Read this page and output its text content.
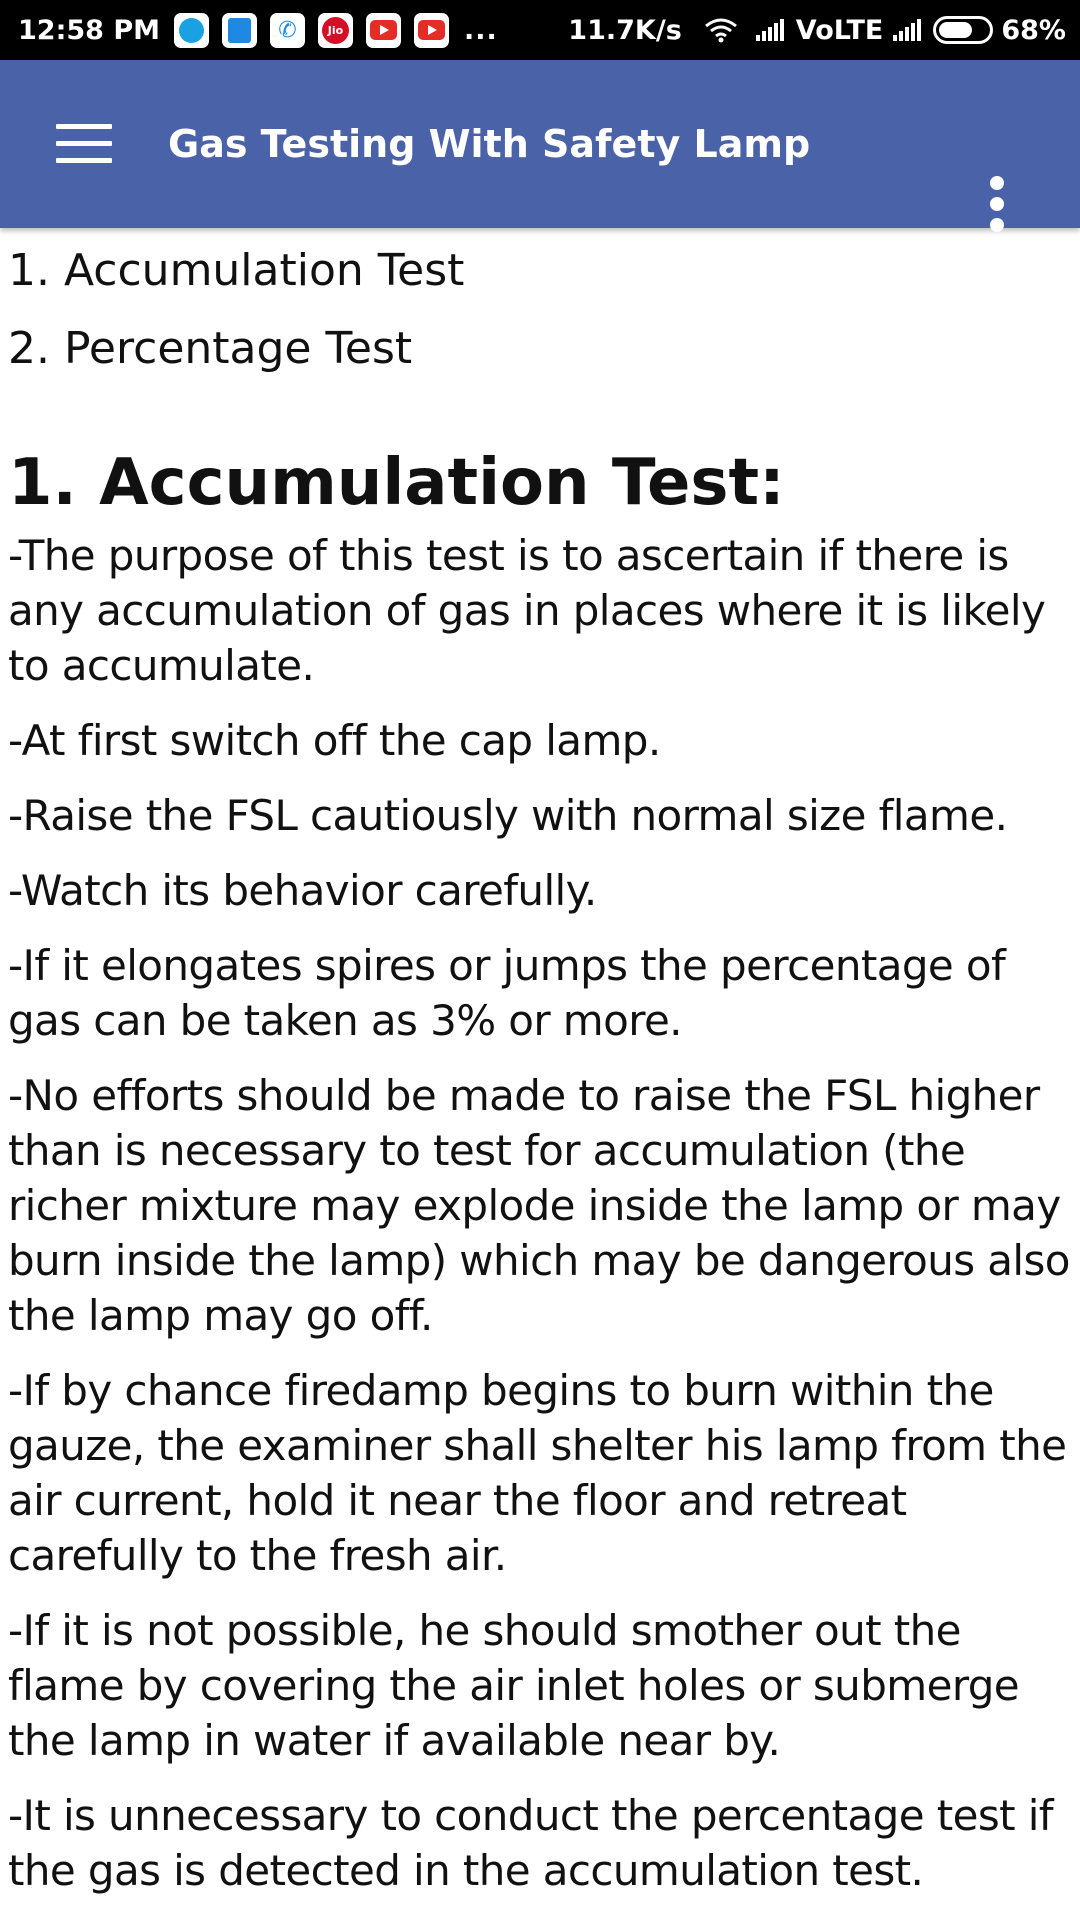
12:58 PM	✆	Jio	...	11.7K/s	VoLTE	68%
Gas Testing With Safety Lamp

1. Accumulation Test

2. Percentage Test

1. Accumulation Test:

-The purpose of this test is to ascertain if there is any accumulation of gas in places where it is likely to accumulate.

-At first switch off the cap lamp.

-Raise the FSL cautiously with normal size flame.

-Watch its behavior carefully.

-If it elongates spires or jumps the percentage of gas can be taken as 3% or more.

-No efforts should be made to raise the FSL higher than is necessary to test for accumulation (the richer mixture may explode inside the lamp or may burn inside the lamp) which may be dangerous also the lamp may go off.

-If by chance firedamp begins to burn within the gauze, the examiner shall shelter his lamp from the air current, hold it near the floor and retreat carefully to the fresh air.

-If it is not possible, he should smother out the flame by covering the air inlet holes or submerge the lamp in water if available near by.

-It is unnecessary to conduct the percentage test if the gas is detected in the accumulation test.
